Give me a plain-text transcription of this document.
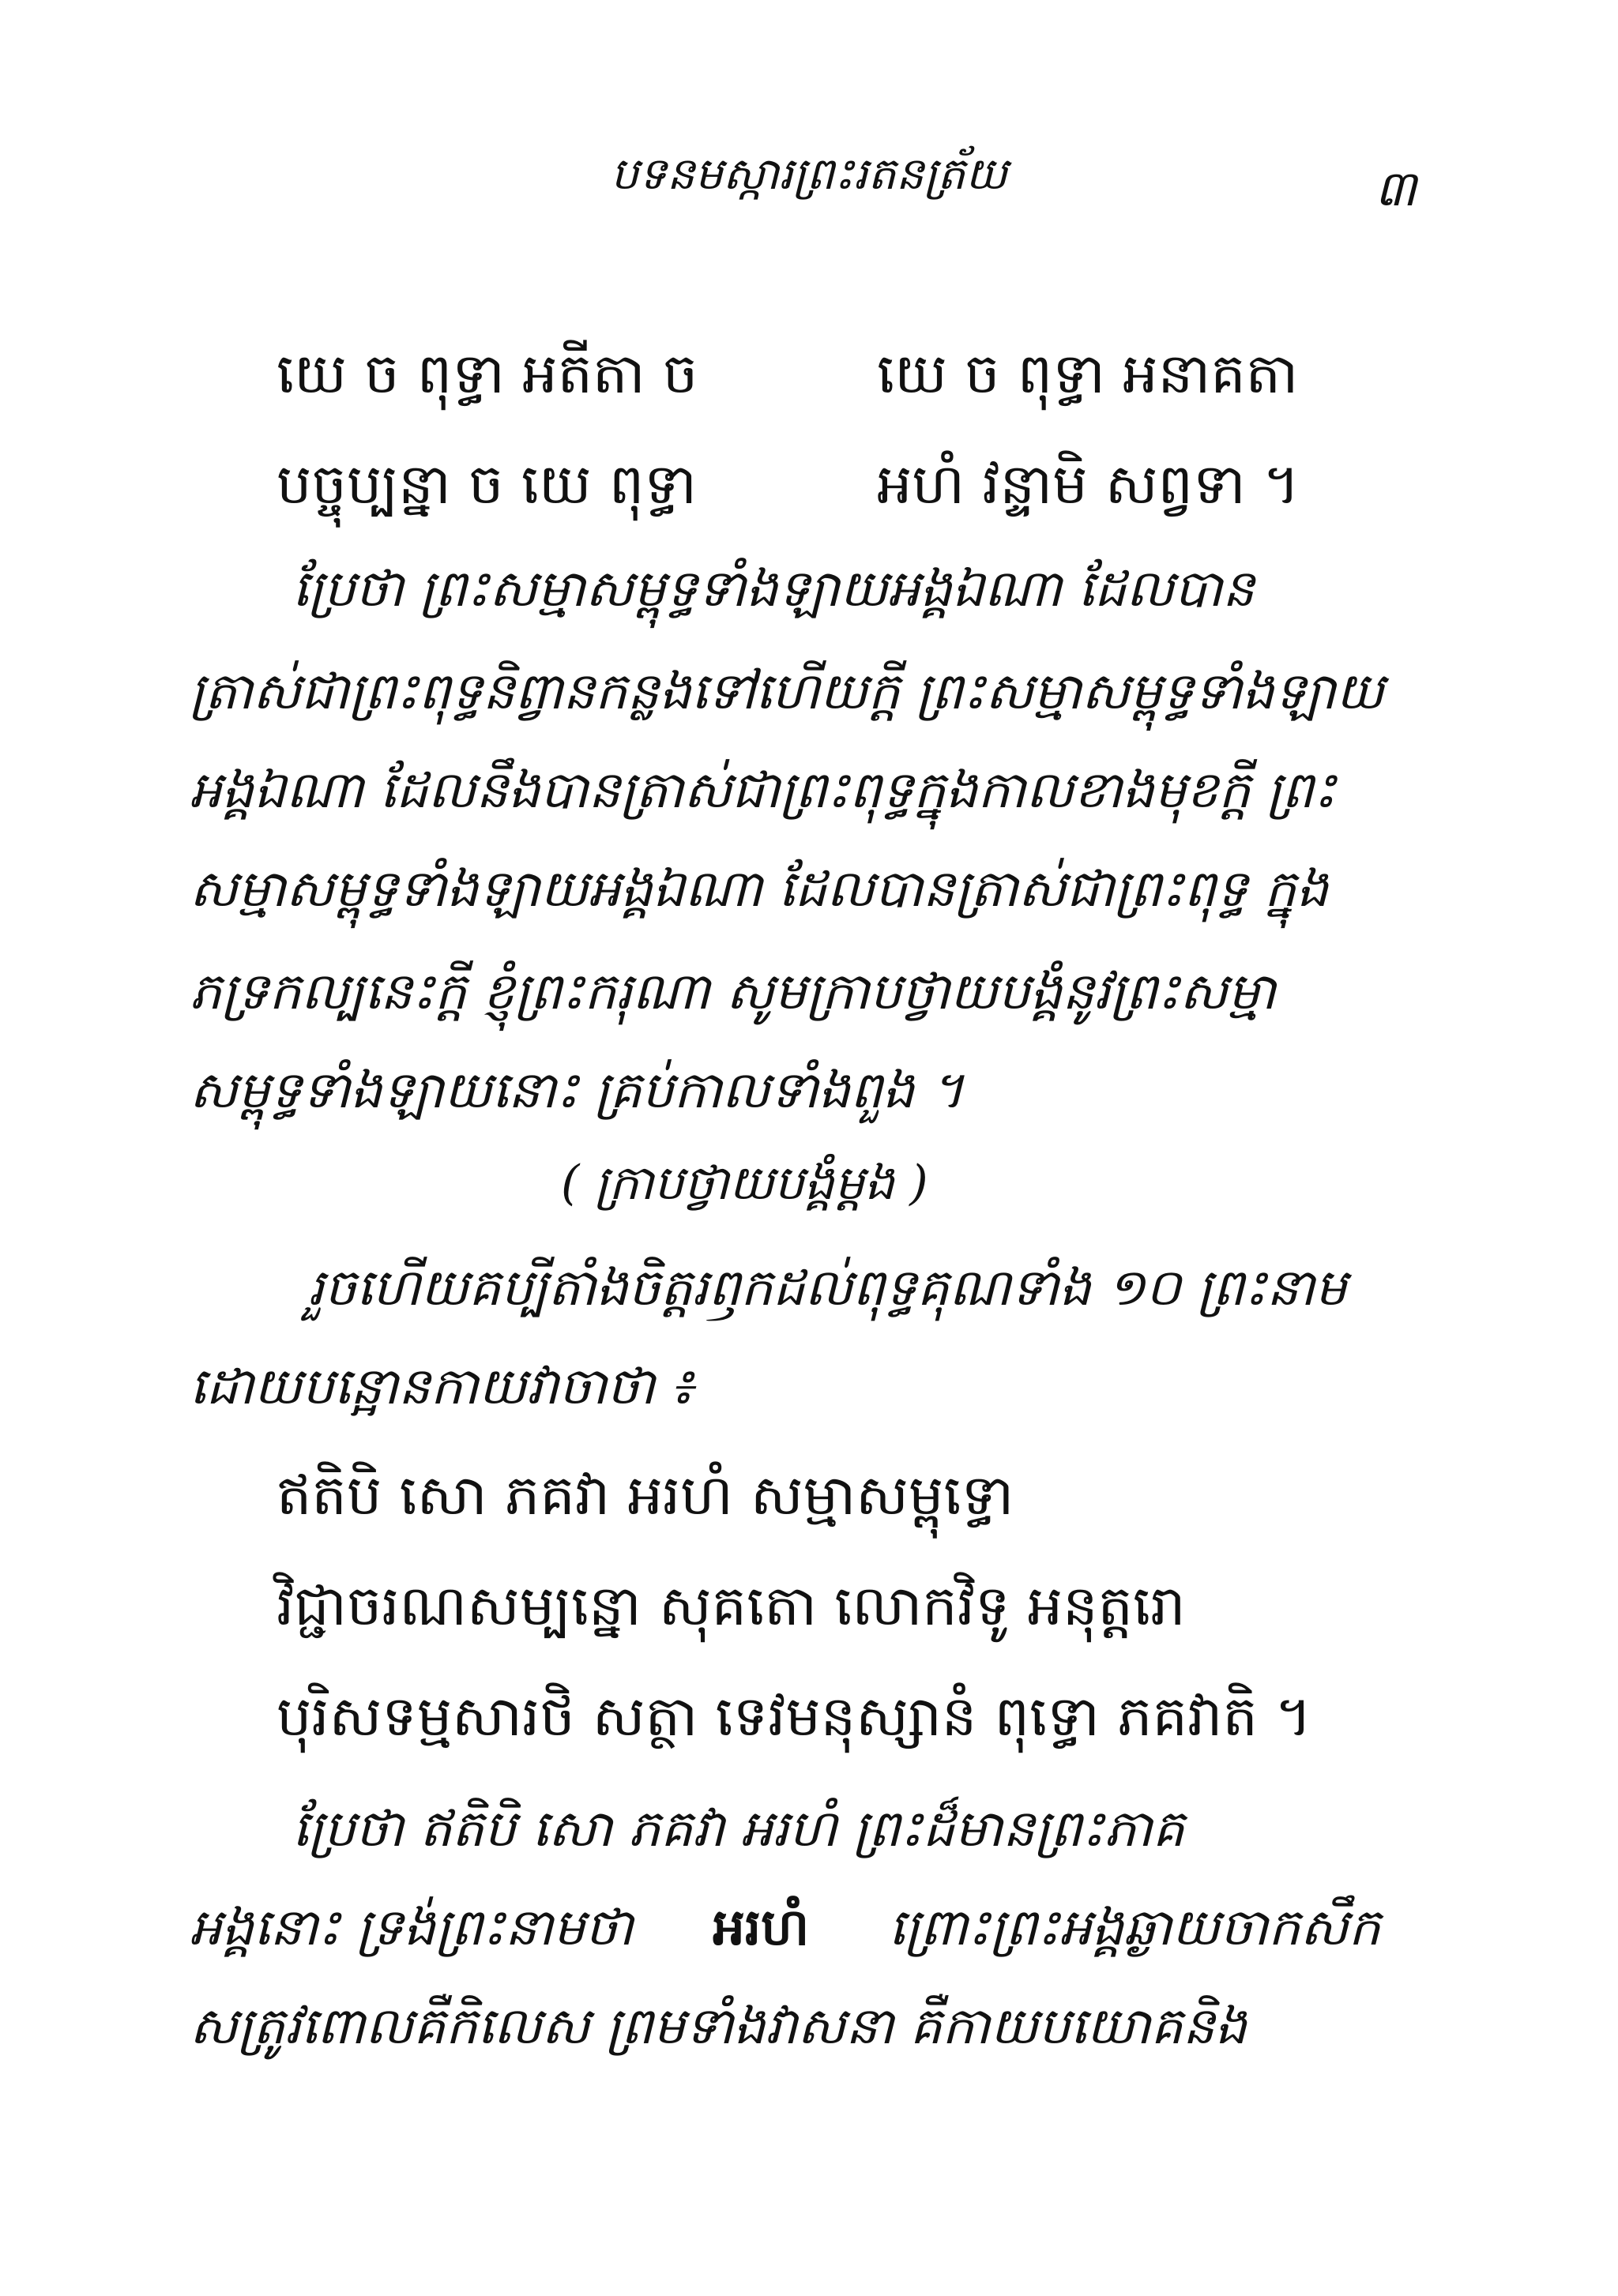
បទនមស្ការព្រះរតនត្រ័យ	៣
យេ ច ពុទ្ធា អតីតា ច	យេ ច ពុទ្ធា អនាគតា
បច្ចុប្បន្នា ច យេ ពុទ្ធា	អហំ វន្ទាមិ សព្វទា ។
ប្រែថា ព្រះសម្មាសម្ពុទ្ធទាំងឡាយអង្គឯណា ដែលបាន
ត្រាស់ជាព្រះពុទ្ធនិព្វានកន្លងទៅហើយក្ដី ព្រះសម្មាសម្ពុទ្ធទាំងឡាយ
អង្គឯណា ដែលនឹងបានត្រាស់ជាព្រះពុទ្ធក្នុងកាលខាងមុខក្ដី ព្រះ
សម្មាសម្ពុទ្ធទាំងឡាយអង្គឯណា ដែលបានត្រាស់ជាព្រះពុទ្ធ ក្នុង
ភទ្រកល្បនេះក្ដី ខ្ញុំព្រះករុណា សូមក្រាបថ្វាយបង្គំនូវព្រះសម្មា
សម្ពុទ្ធទាំងឡាយនោះ គ្រប់កាលទាំងពួង ។
( ក្រាបថ្វាយបង្គំម្ដង )
រួចហើយគប្បីតាំងចិត្តរឭកដល់ពុទ្ធគុណទាំង ១០ ព្រះនាម
ដោយបន្អោនកាយវាចាថា ៖
ឥតិបិ សោ ភគវា អរហំ សម្មាសម្ពុទ្ធោ
វិជ្ជាចរណសម្បន្នោ សុគតោ លោកវិទូ អនុត្តរោ
បុរិសទម្មសារថិ សត្ថា ទេវមនុស្សានំ ពុទ្ធោ ភគវាតិ ។
ប្រែថា ឥតិបិ សោ ភគវា អរហំ ព្រះដ៏មានព្រះភាគ
អង្គនោះ ទ្រង់ព្រះនាមថា អរហំ ព្រោះព្រះអង្គឆ្ងាយចាកសឹក
សត្រូវពោលគឺកិលេស ព្រមទាំងវាសនា គឺកាយបយោគនិង
